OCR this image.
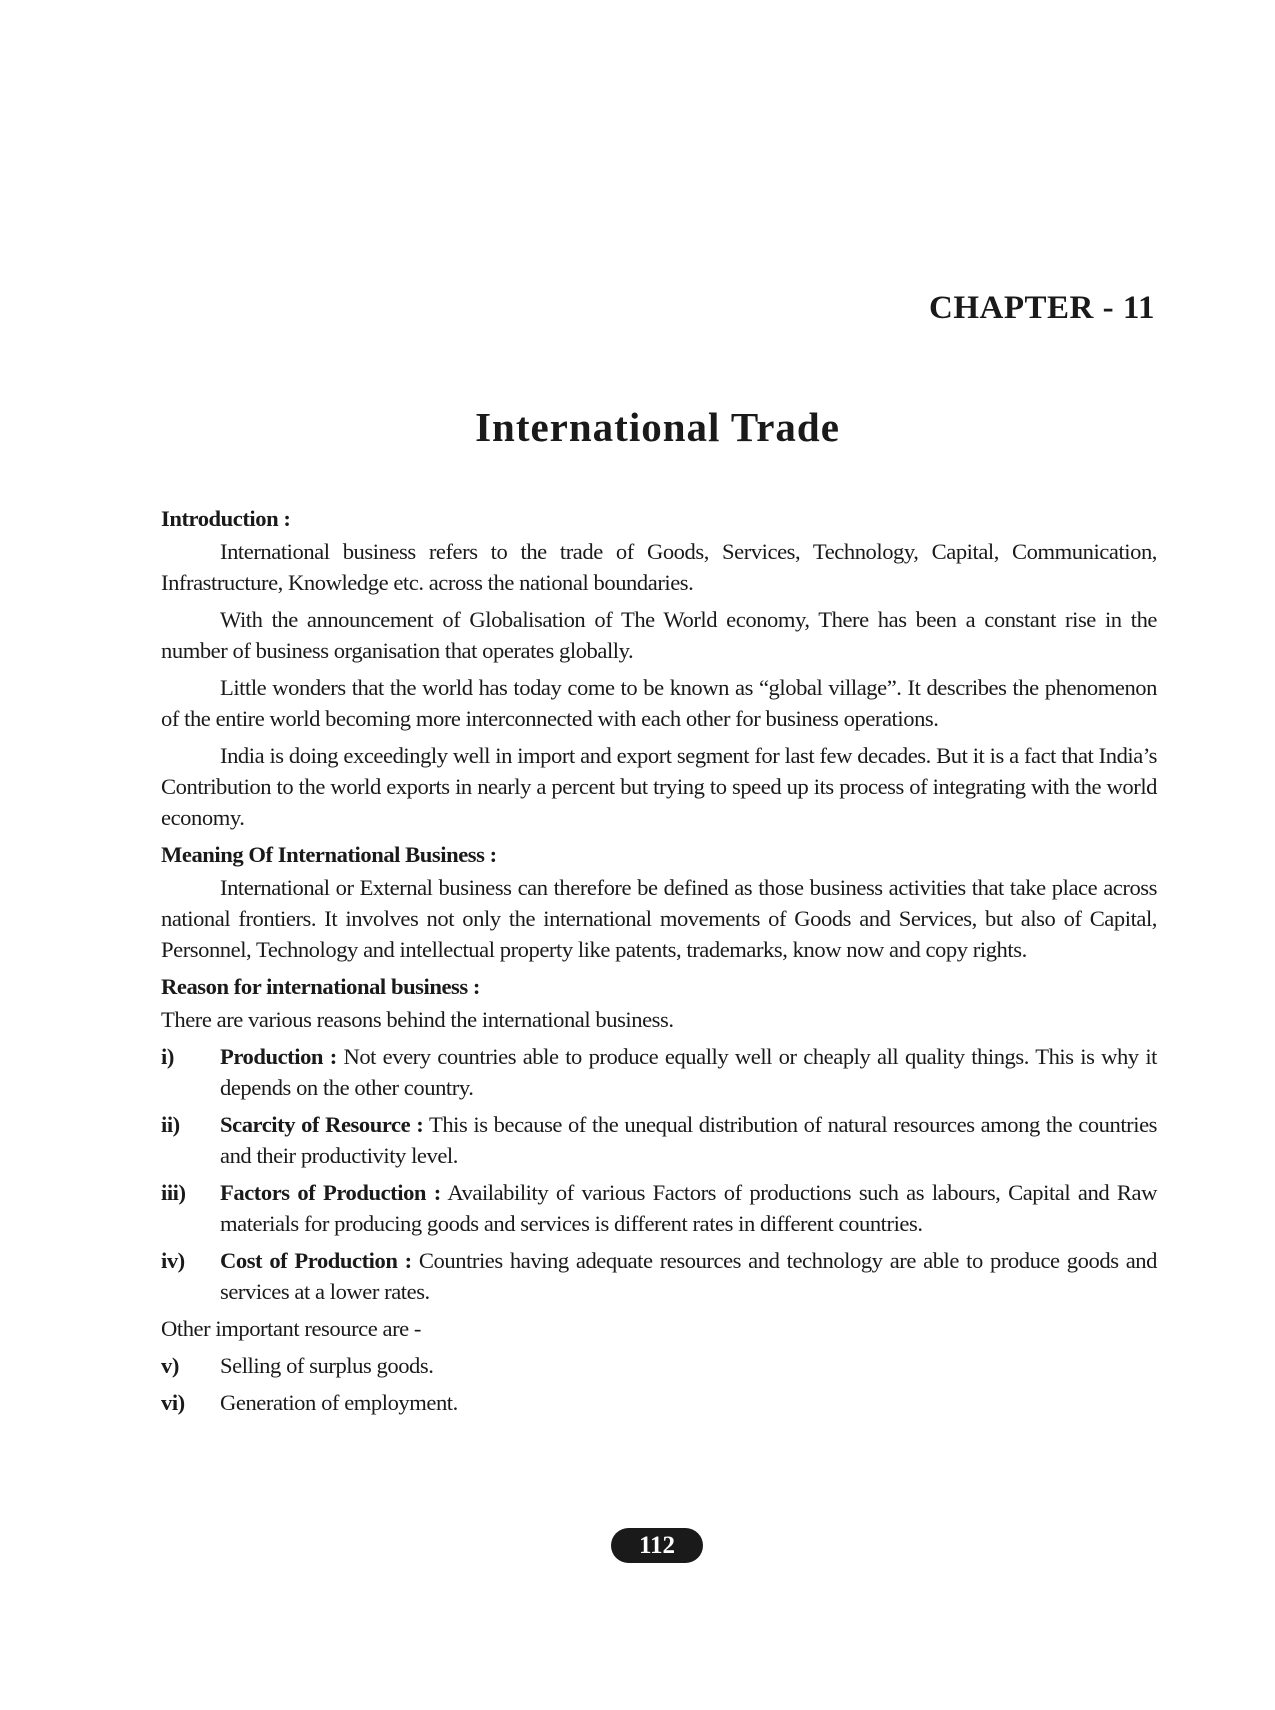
CHAPTER - 11
International Trade
Introduction :

International business refers to the trade of Goods, Services, Technology, Capital, Communication, Infrastructure, Knowledge etc. across the national boundaries.

With the announcement of Globalisation of The World economy, There has been a constant rise in the number of business organisation that operates globally.

Little wonders that the world has today come to be known as “global village”. It describes the phenomenon of the entire world becoming more interconnected with each other for business operations.

India is doing exceedingly well in import and export segment for last few decades. But it is a fact that India’s Contribution to the world exports in nearly a percent but trying to speed up its process of integrating with the world economy.

Meaning Of International Business :

International or External business can therefore be defined as those business activities that take place across national frontiers. It involves not only the international movements of Goods and Services, but also of Capital, Personnel, Technology and intellectual property like patents, trademarks, know now and copy rights.

Reason for international business :

There are various reasons behind the international business.

i)	Production : Not every countries able to produce equally well or cheaply all quality things. This is why it depends on the other country.
ii)	Scarcity of Resource : This is because of the unequal distribution of natural resources among the countries and their productivity level.
iii)	Factors of Production : Availability of various Factors of productions such as labours, Capital and Raw materials for producing goods and services is different rates in different countries.
iv)	Cost of Production : Countries having adequate resources and technology are able to produce goods and services at a lower rates.

Other important resource are -

v)	Selling of surplus goods.
vi)	Generation of employment.
112
